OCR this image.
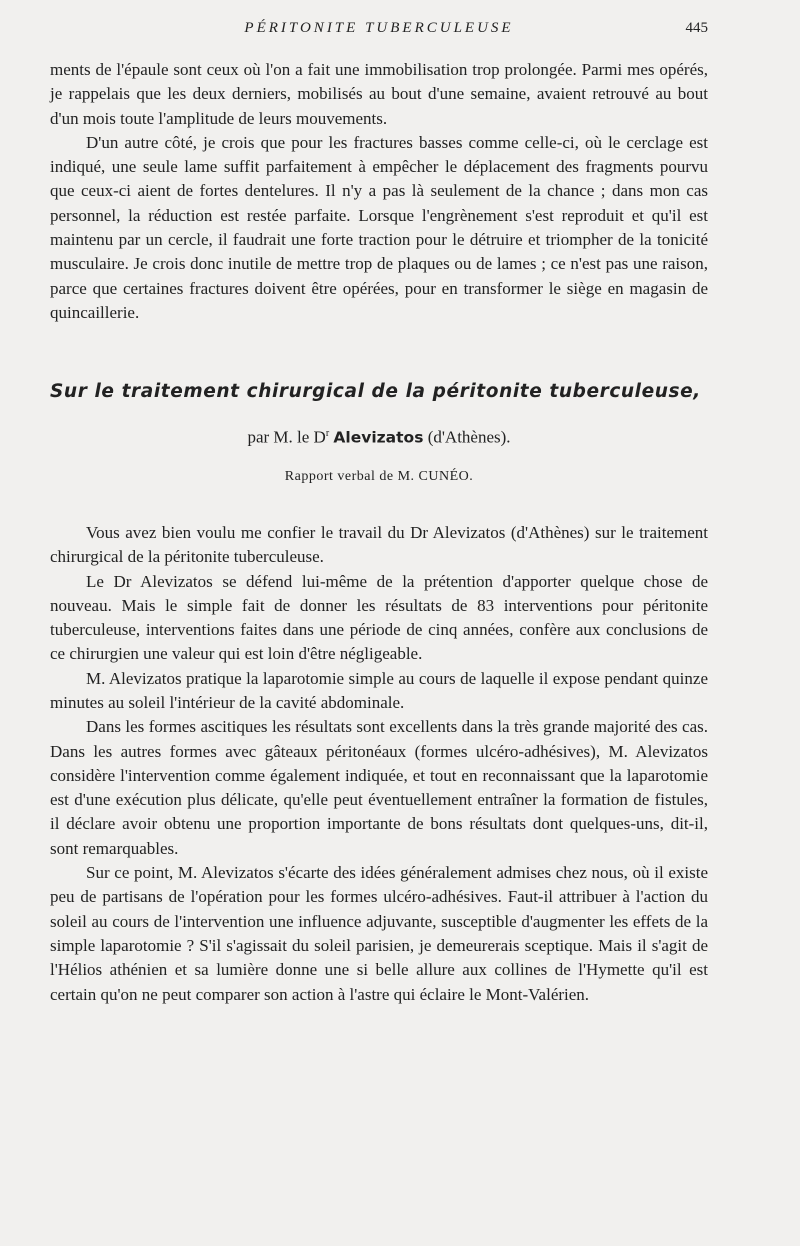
PÉRITONITE TUBERCULEUSE	445

ments de l'épaule sont ceux où l'on a fait une immobilisation trop prolongée. Parmi mes opérés, je rappelais que les deux derniers, mobilisés au bout d'une semaine, avaient retrouvé au bout d'un mois toute l'amplitude de leurs mouvements.

D'un autre côté, je crois que pour les fractures basses comme celle-ci, où le cerclage est indiqué, une seule lame suffit parfaitement à empêcher le déplacement des fragments pourvu que ceux-ci aient de fortes dentelures. Il n'y a pas là seulement de la chance ; dans mon cas personnel, la réduction est restée parfaite. Lorsque l'engrènement s'est reproduit et qu'il est maintenu par un cercle, il faudrait une forte traction pour le détruire et triompher de la tonicité musculaire. Je crois donc inutile de mettre trop de plaques ou de lames ; ce n'est pas une raison, parce que certaines fractures doivent être opérées, pour en transformer le siège en magasin de quincaillerie.

Sur le traitement chirurgical de la péritonite tuberculeuse,
par M. le $D^r$ Alevizatos (d'Athènes).
Rapport verbal de M. CUNÉO.

Vous avez bien voulu me confier le travail du Dr Alevizatos (d'Athènes) sur le traitement chirurgical de la péritonite tuberculeuse.

Le Dr Alevizatos se défend lui-même de la prétention d'apporter quelque chose de nouveau. Mais le simple fait de donner les résultats de 83 interventions pour péritonite tuberculeuse, interventions faites dans une période de cinq années, confère aux conclusions de ce chirurgien une valeur qui est loin d'être négligeable.

M. Alevizatos pratique la laparotomie simple au cours de laquelle il expose pendant quinze minutes au soleil l'intérieur de la cavité abdominale.

Dans les formes ascitiques les résultats sont excellents dans la très grande majorité des cas. Dans les autres formes avec gâteaux péritonéaux (formes ulcéro-adhésives), M. Alevizatos considère l'intervention comme également indiquée, et tout en reconnaissant que la laparotomie est d'une exécution plus délicate, qu'elle peut éventuellement entraîner la formation de fistules, il déclare avoir obtenu une proportion importante de bons résultats dont quelques-uns, dit-il, sont remarquables.

Sur ce point, M. Alevizatos s'écarte des idées généralement admises chez nous, où il existe peu de partisans de l'opération pour les formes ulcéro-adhésives. Faut-il attribuer à l'action du soleil au cours de l'intervention une influence adjuvante, susceptible d'augmenter les effets de la simple laparotomie ? S'il s'agissait du soleil parisien, je demeurerais sceptique. Mais il s'agit de l'Hélios athénien et sa lumière donne une si belle allure aux collines de l'Hymette qu'il est certain qu'on ne peut comparer son action à l'astre qui éclaire le Mont-Valérien.
